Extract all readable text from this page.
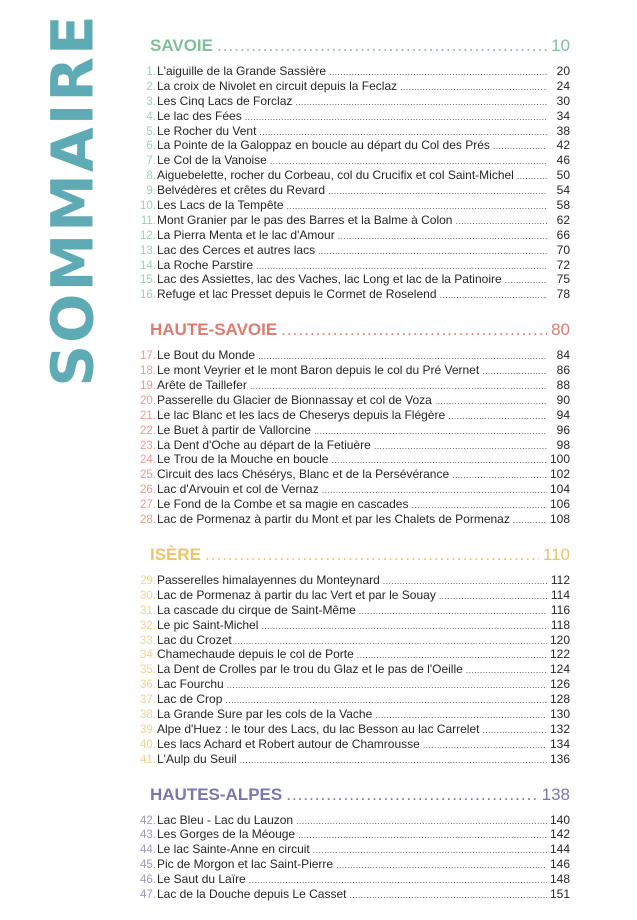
SOMMAIRE	SAVOIE .....	10
1. L'aiguille de la Grande Sassière .....	20
2. La croix de Nivolet en circuit depuis la Feclaz .....	24
3. Les Cinq Lacs de Forclaz .....	30
4. Le lac des Fées .....	34
5. Le Rocher du Vent .....	38
6. La Pointe de la Galoppaz en boucle au départ du Col des Prés .....	42
7. Le Col de la Vanoise .....	46
8. Aiguebelette, rocher du Corbeau, col du Crucifix et col Saint-Michel .....	50
9. Belvédères et crêtes du Revard .....	54
10. Les Lacs de la Tempête .....	58
11. Mont Granier par le pas des Barres et la Balme à Colon .....	62
12. La Pierra Menta et le lac d'Amour .....	66
13. Lac des Cerces et autres lacs .....	70
14. La Roche Parstire .....	72
15. Lac des Assiettes, lac des Vaches, lac Long et lac de la Patinoire .....	75
16. Refuge et lac Presset depuis le Cormet de Roselend .....	78
HAUTE-SAVOIE .....	80
17. Le Bout du Monde .....	84
18. Le mont Veyrier et le mont Baron depuis le col du Pré Vernet .....	86
19. Arête de Taillefer .....	88
20. Passerelle du Glacier de Bionnassay et col de Voza .....	90
21. Le lac Blanc et les lacs de Cheserys depuis la Flégère .....	94
22. Le Buet à partir de Vallorcine .....	96
23. La Dent d'Oche au départ de la Fetiuère .....	98
24. Le Trou de la Mouche en boucle .....	100
25. Circuit des lacs Chésérys, Blanc et de la Persévérance .....	102
26. Lac d'Arvouin et col de Vernaz .....	104
27. Le Fond de la Combe et sa magie en cascades .....	106
28. Lac de Pormenaz à partir du Mont et par les Chalets de Pormenaz .....	108
ISÈRE .....	110
29. Passerelles himalayennes du Monteynard .....	112
30. Lac de Pormenaz à partir du lac Vert et par le Souay .....	114
31. La cascade du cirque de Saint-Même .....	116
32. Le pic Saint-Michel .....	118
33. Lac du Crozet .....	120
34. Chamechaude depuis le col de Porte .....	122
35. La Dent de Crolles par le trou du Glaz et le pas de l'Oeille .....	124
36. Lac Fourchu .....	126
37. Lac de Crop .....	128
38. La Grande Sure par les cols de la Vache .....	130
39. Alpe d'Huez : le tour des Lacs, du lac Besson au lac Carrelet .....	132
40. Les lacs Achard et Robert autour de Chamrousse .....	134
41. L'Aulp du Seuil .....	136
HAUTES-ALPES .....	138
42. Lac Bleu - Lac du Lauzon .....	140
43. Les Gorges de la Méouge .....	142
44. Le lac Sainte-Anne en circuit .....	144
45. Pic de Morgon et lac Saint-Pierre .....	146
46. Le Saut du Laïre .....	148
47. Lac de la Douche depuis Le Casset .....	151
